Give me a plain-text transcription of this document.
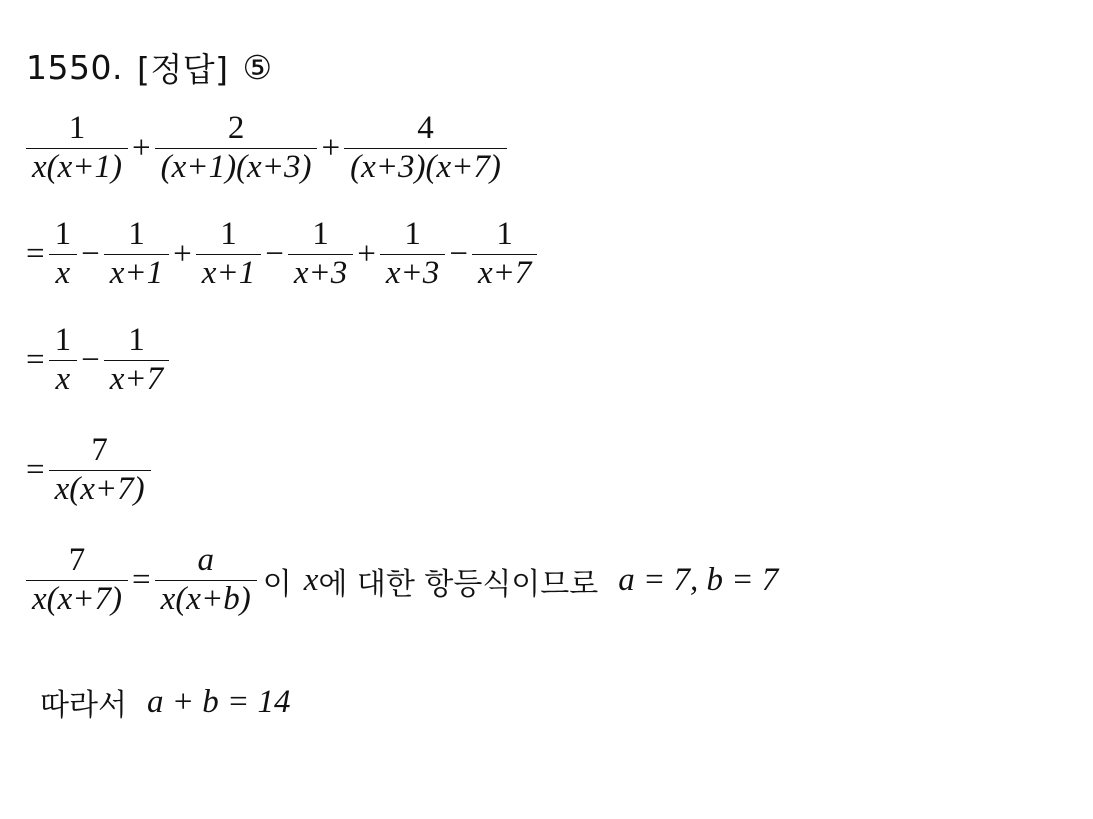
1550. [정답] ⑤
$\frac{1}{x(x+1)} + \frac{2}{(x+1)(x+3)} + \frac{4}{(x+3)(x+7)}$
= $\frac{1}{x} - \frac{1}{x+1} + \frac{1}{x+1} - \frac{1}{x+3} + \frac{1}{x+3} - \frac{1}{x+7}$
= $\frac{1}{x} - \frac{1}{x+7}$
= $\frac{7}{x(x+7)}$
$\frac{7}{x(x+7)} = \frac{a}{x(x+b)}$ 이 x 에 대한 항등식이므로 a = 7, b = 7
따라서 a + b = 14
